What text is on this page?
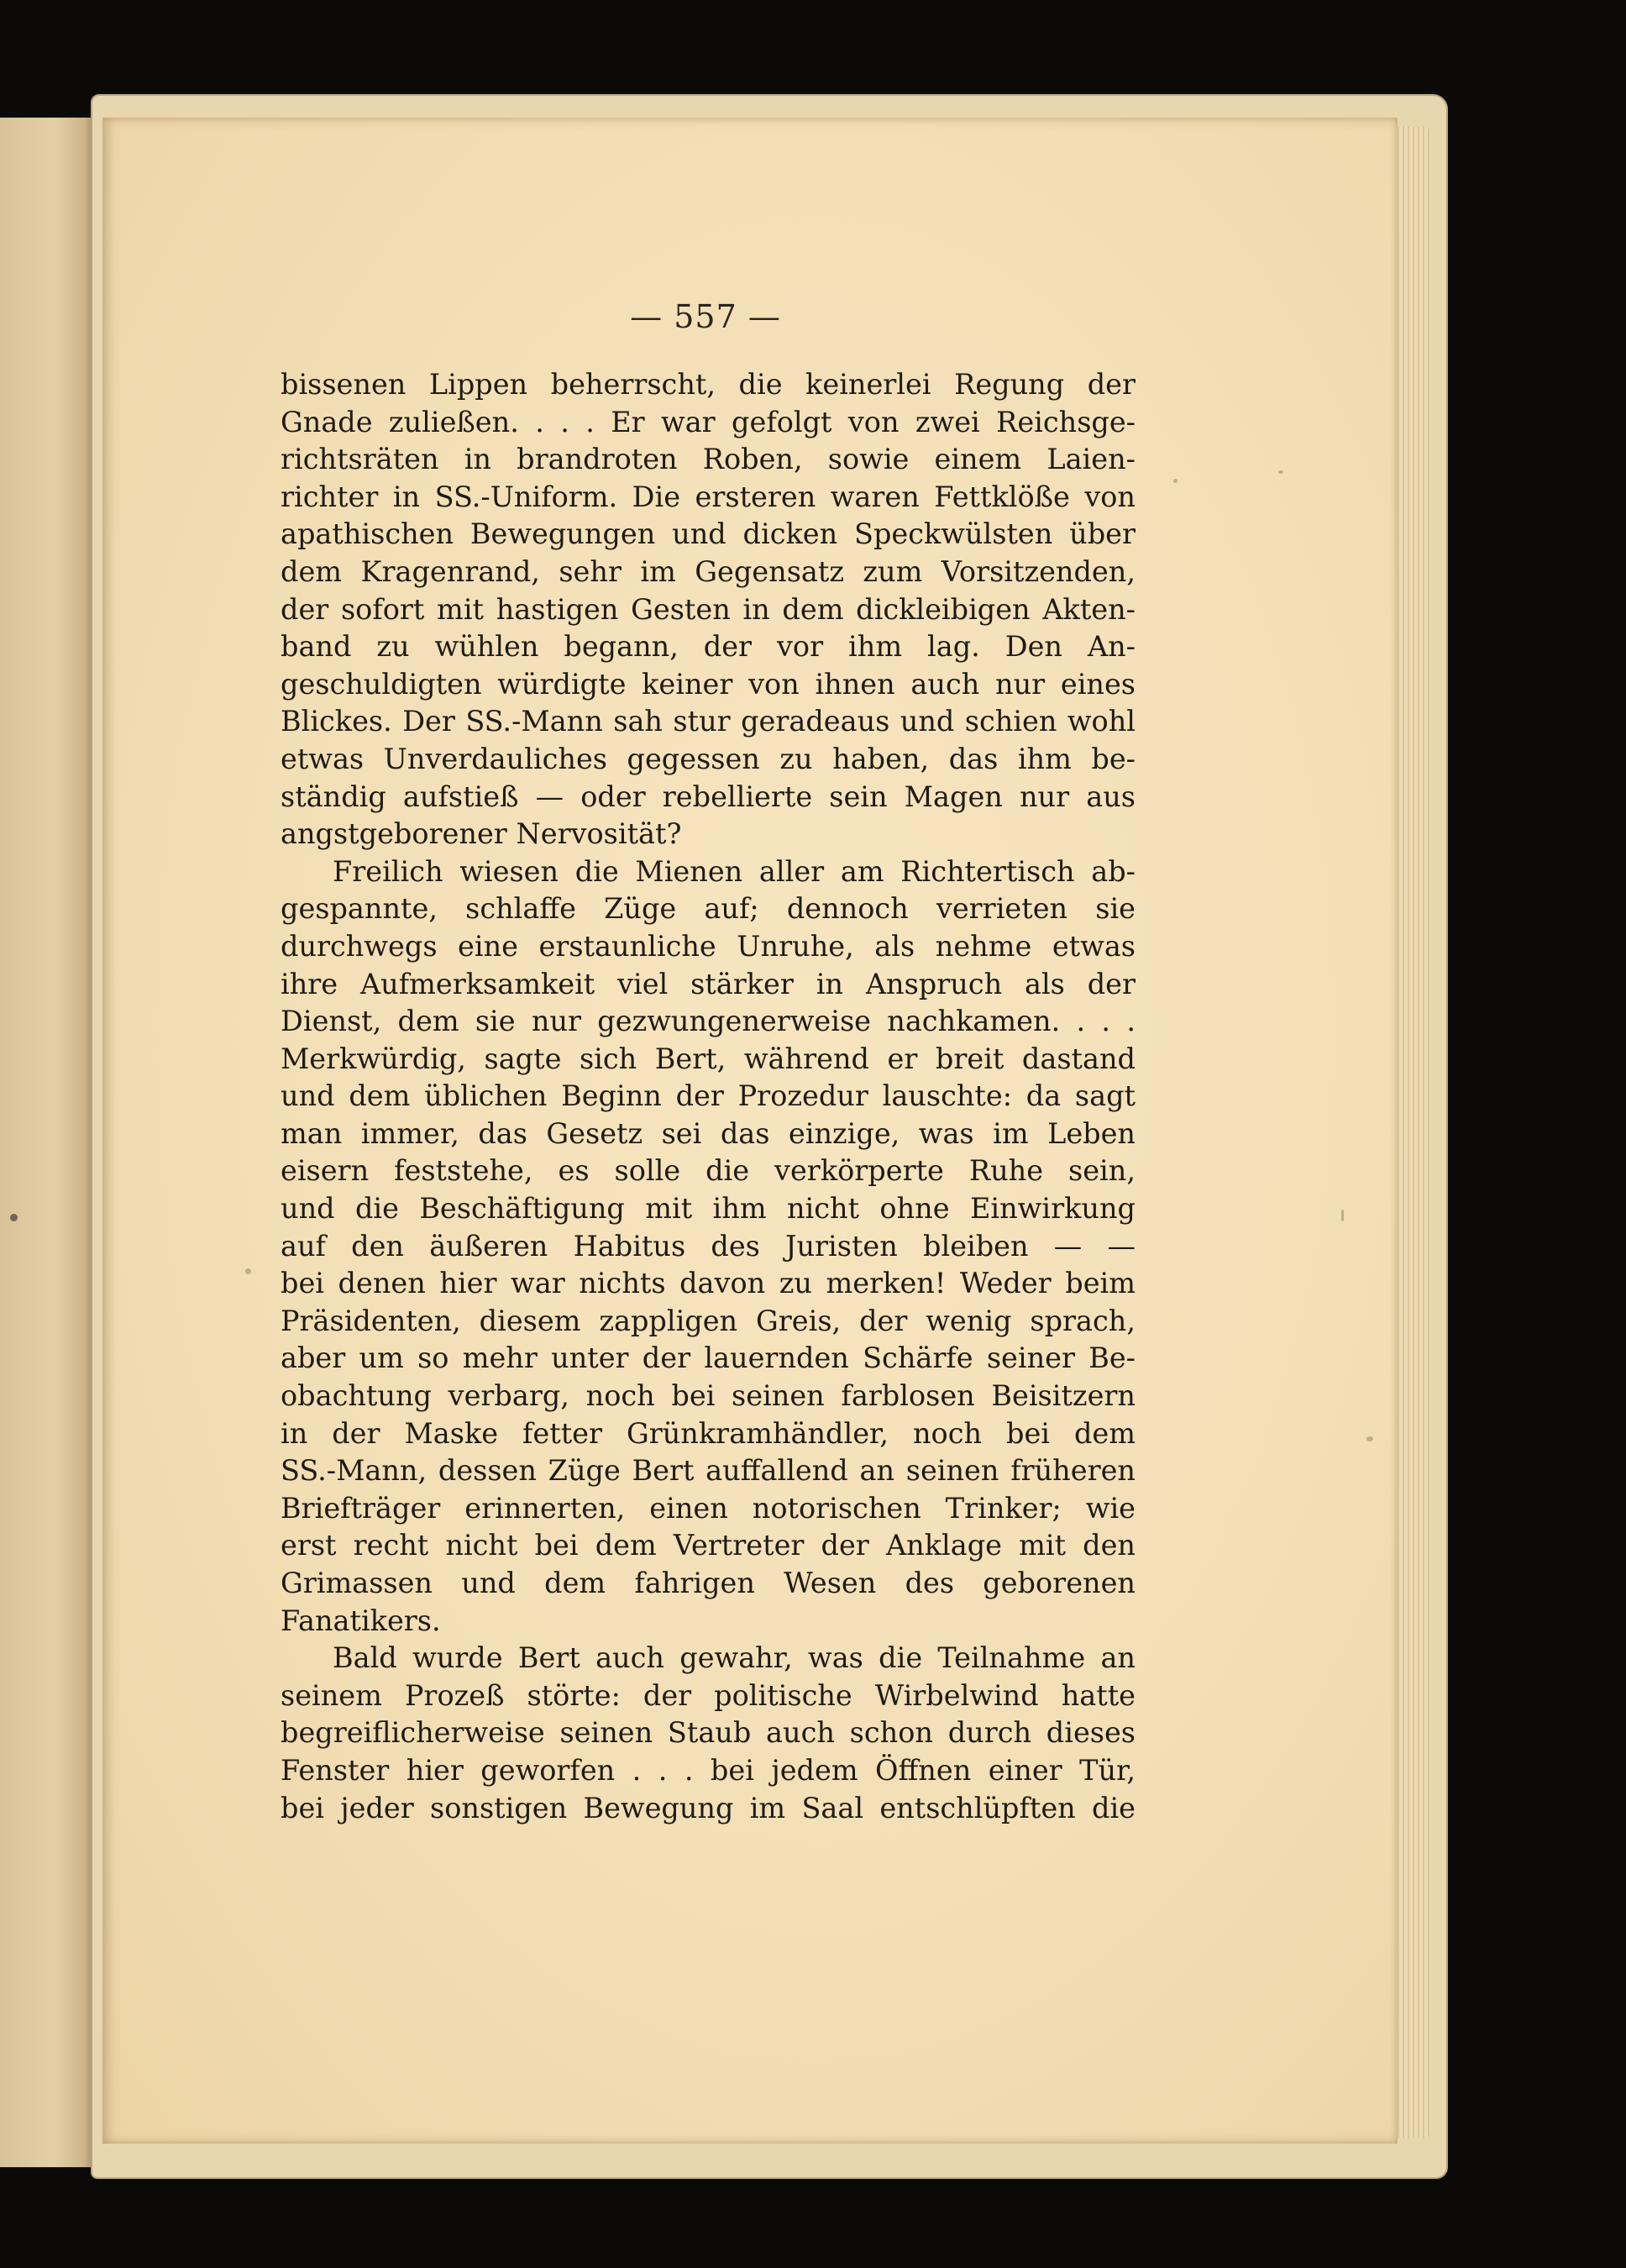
— 557 —
bissenen Lippen beherrscht, die keinerlei Regung der
Gnade zuließen. . . . Er war gefolgt von zwei Reichsge-
richtsräten in brandroten Roben, sowie einem Laien-
richter in SS.-Uniform. Die ersteren waren Fettklöße von
apathischen Bewegungen und dicken Speckwülsten über
dem Kragenrand, sehr im Gegensatz zum Vorsitzenden,
der sofort mit hastigen Gesten in dem dickleibigen Akten-
band zu wühlen begann, der vor ihm lag. Den An-
geschuldigten würdigte keiner von ihnen auch nur eines
Blickes. Der SS.-Mann sah stur geradeaus und schien wohl
etwas Unverdauliches gegessen zu haben, das ihm be-
ständig aufstieß — oder rebellierte sein Magen nur aus
angstgeborener Nervosität?
Freilich wiesen die Mienen aller am Richtertisch ab-
gespannte, schlaffe Züge auf; dennoch verrieten sie
durchwegs eine erstaunliche Unruhe, als nehme etwas
ihre Aufmerksamkeit viel stärker in Anspruch als der
Dienst, dem sie nur gezwungenerweise nachkamen. . . .
Merkwürdig, sagte sich Bert, während er breit dastand
und dem üblichen Beginn der Prozedur lauschte: da sagt
man immer, das Gesetz sei das einzige, was im Leben
eisern feststehe, es solle die verkörperte Ruhe sein,
und die Beschäftigung mit ihm nicht ohne Einwirkung
auf den äußeren Habitus des Juristen bleiben — —
bei denen hier war nichts davon zu merken! Weder beim
Präsidenten, diesem zappligen Greis, der wenig sprach,
aber um so mehr unter der lauernden Schärfe seiner Be-
obachtung verbarg, noch bei seinen farblosen Beisitzern
in der Maske fetter Grünkramhändler, noch bei dem
SS.-Mann, dessen Züge Bert auffallend an seinen früheren
Briefträger erinnerten, einen notorischen Trinker; wie
erst recht nicht bei dem Vertreter der Anklage mit den
Grimassen und dem fahrigen Wesen des geborenen
Fanatikers.
Bald wurde Bert auch gewahr, was die Teilnahme an
seinem Prozeß störte: der politische Wirbelwind hatte
begreiflicherweise seinen Staub auch schon durch dieses
Fenster hier geworfen . . . bei jedem Öffnen einer Tür,
bei jeder sonstigen Bewegung im Saal entschlüpften die
